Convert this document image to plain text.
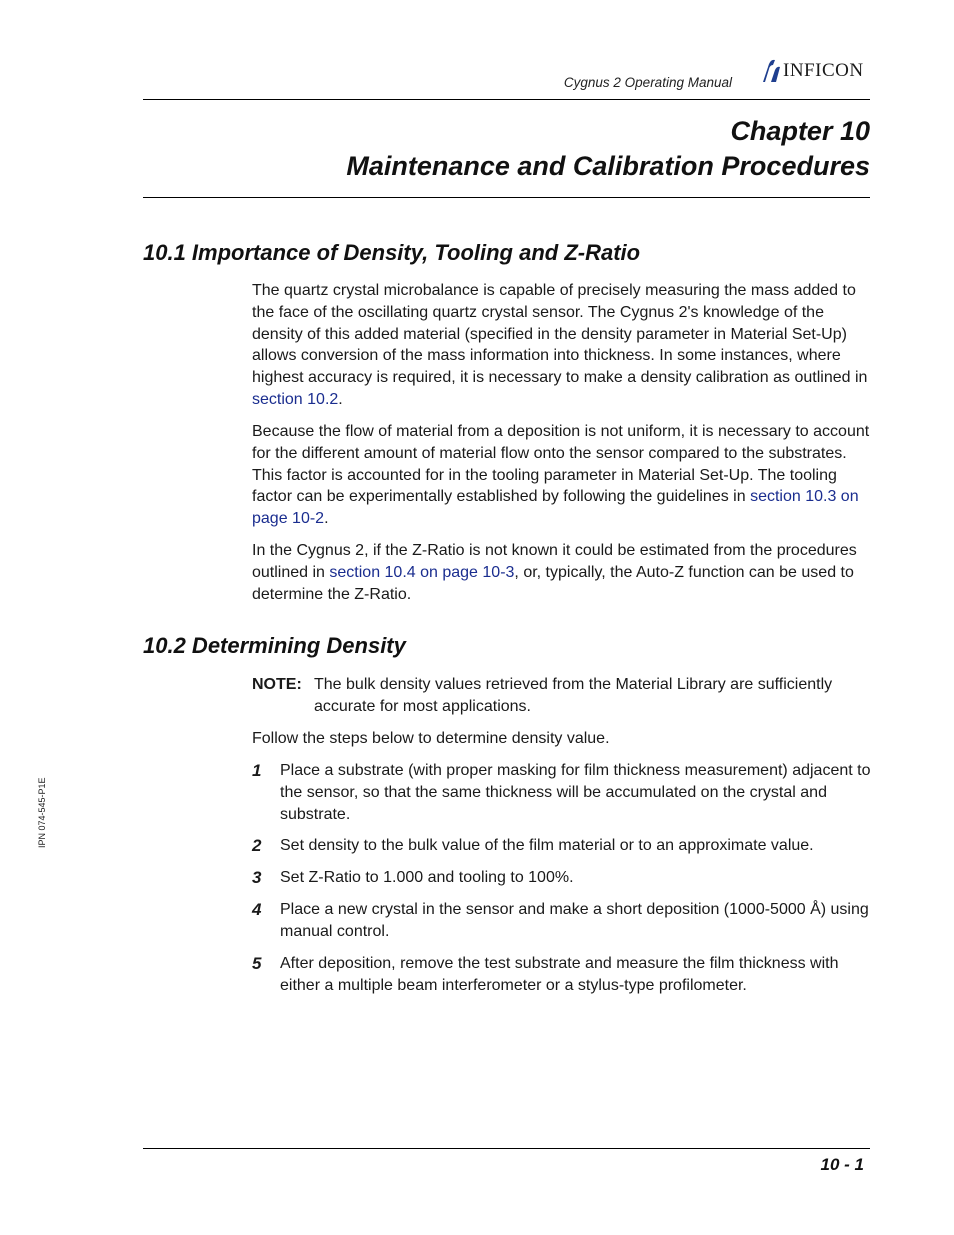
Cygnus 2 Operating Manual
INFICON
Chapter 10
Maintenance and Calibration Procedures
10.1 Importance of Density, Tooling and Z-Ratio

The quartz crystal microbalance is capable of precisely measuring the mass added to the face of the oscillating quartz crystal sensor. The Cygnus 2's knowledge of the density of this added material (specified in the density parameter in Material Set-Up) allows conversion of the mass information into thickness. In some instances, where highest accuracy is required, it is necessary to make a density calibration as outlined in section 10.2.

Because the flow of material from a deposition is not uniform, it is necessary to account for the different amount of material flow onto the sensor compared to the substrates. This factor is accounted for in the tooling parameter in Material Set-Up. The tooling factor can be experimentally established by following the guidelines in section 10.3 on page 10-2.

In the Cygnus 2, if the Z-Ratio is not known it could be estimated from the procedures outlined in section 10.4 on page 10-3, or, typically, the Auto-Z function can be used to determine the Z-Ratio.

10.2 Determining Density
NOTE: The bulk density values retrieved from the Material Library are sufficiently accurate for most applications.
Follow the steps below to determine density value.
1 Place a substrate (with proper masking for film thickness measurement) adjacent to the sensor, so that the same thickness will be accumulated on the crystal and substrate.
2 Set density to the bulk value of the film material or to an approximate value.
3 Set Z-Ratio to 1.000 and tooling to 100%.
4 Place a new crystal in the sensor and make a short deposition (1000-5000 Å) using manual control.
5 After deposition, remove the test substrate and measure the film thickness with either a multiple beam interferometer or a stylus-type profilometer.
IPN 074-545-P1E
10 - 1
